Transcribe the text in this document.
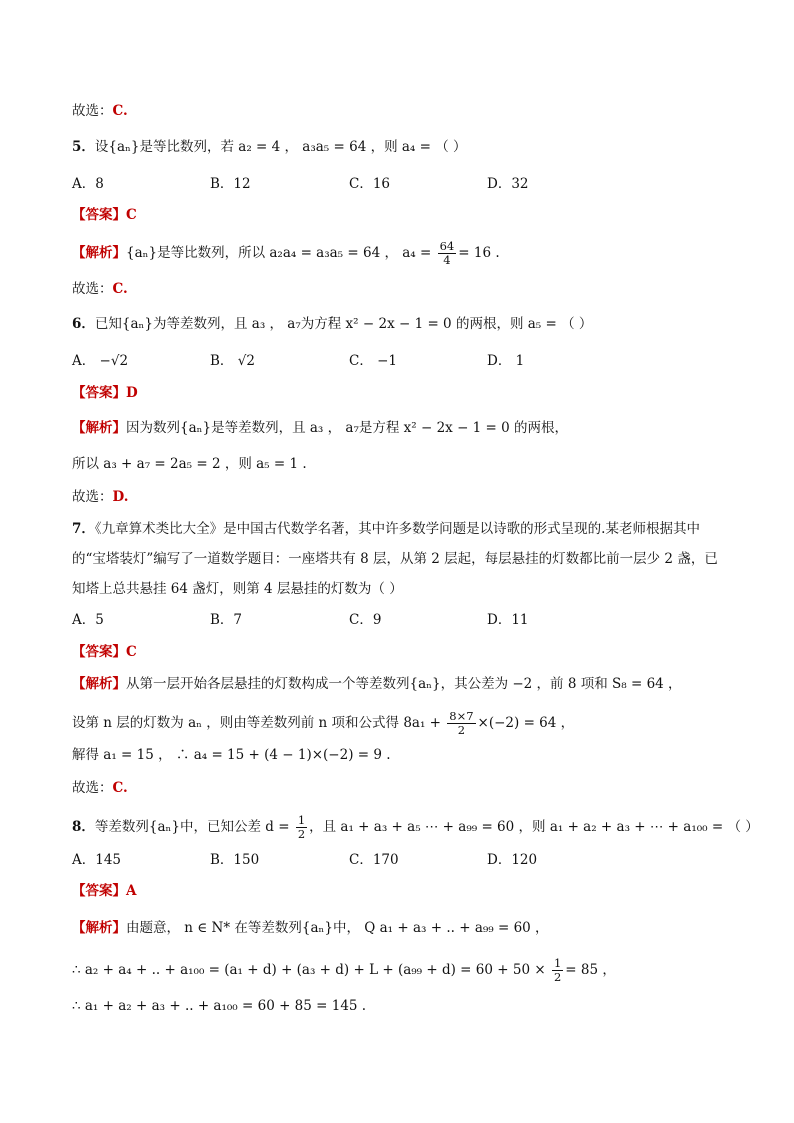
故选：C.
5．设{aₙ}是等比数列，若 a₂ = 4 ， a₃a₅ = 64 ，则 a₄ = （ ）
A．8	B．12	C．16	D．32
【答案】C
【解析】{aₙ}是等比数列，所以 a₂a₄ = a₃a₅ = 64 ， $a_4 = \frac{64}{4} = 16$ .
故选：C.
6．已知{aₙ}为等差数列，且 a₃ ， a₇为方程 x² − 2x − 1 = 0 的两根，则 a₅ = （ ）
A． −√2	B． √2	C． −1	D． 1
【答案】D
【解析】因为数列{aₙ}是等差数列，且 a₃ ， a₇是方程 x² − 2x − 1 = 0 的两根，
所以 a₃ + a₇ = 2a₅ = 2 ，则 a₅ = 1 .
故选：D.
7．《九章算术类比大全》是中国古代数学名著，其中许多数学问题是以诗歌的形式呈现的.某老师根据其中
的“宝塔装灯”编写了一道数学题目：一座塔共有 8 层，从第 2 层起，每层悬挂的灯数都比前一层少 2 盏，已
知塔上总共悬挂 64 盏灯，则第 4 层悬挂的灯数为（ ）
A．5	B．7	C．9	D．11
【答案】C
【解析】从第一层开始各层悬挂的灯数构成一个等差数列{aₙ}，其公差为 −2 ，前 8 项和 S₈ = 64 ，
设第 n 层的灯数为 aₙ ，则由等差数列前 n 项和公式得 $8a_1 + \frac{8\times 7}{2} \times(-2) = 64$ ，
解得 a₁ = 15 ， ∴ a₄ = 15 + (4 − 1)×(−2) = 9 .
故选：C.
8．等差数列{aₙ}中，已知公差 $d = \frac{1}{2}$ ，且 a₁ + a₃ + a₅ ⋯ + a₉₉ = 60 ，则 a₁ + a₂ + a₃ + ⋯ + a₁₀₀ = （ ）
A．145	B．150	C．170	D．120
【答案】A
【解析】由题意， n ∈ N* 在等差数列{aₙ}中， Q a₁ + a₃ + .. + a₉₉ = 60 ，
∴ a₂ + a₄ + .. + $a_{100} = (a_1 + d) + (a_3 + d) + L + (a_{99} + d) = 60 + 50 \times \frac{1}{2} = 85$ ，
∴ a₁ + a₂ + a₃ + .. + a₁₀₀ = 60 + 85 = 145 .
